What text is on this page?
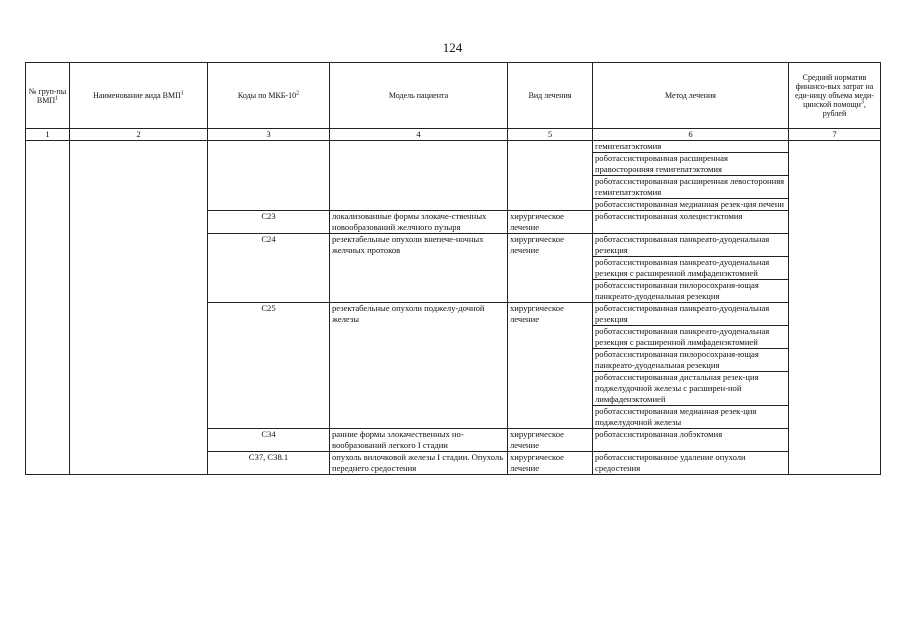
124
№ груп-пы ВМП$^1$	Наименование вида ВМП$^1$	Коды по МКБ-$10^2$	Модель пациента	Вид лечения	Метод лечения	Средний норматив финансо-вых затрат на еди-ницу объема меди-цинской помощи$^3$, рублей
1	2	3	4	5	6	7
					гемигепатэктомия	
					роботассистированная расширенная правосторонняя гемигепатэктомия	
					роботассистированная расширенная левосторонняя гемигепатэктомия	
					роботассистированная медианная резек-ция печени	
		C23	локализованные формы злокаче-ственных новообразований желчного пузыря	хирургическое лечение	роботассистированная холецистэктомия	
		C24	резектабельные опухоли внепече-ночных желчных протоков	хирургическое лечение	роботассистированная панкреато-дуоденальная резекция	
					роботассистированная панкреато-дуоденальная резекция с расширенной лимфаденэктомией	
					роботассистированная пилоросохраня-ющая панкреато-дуоденальная резекция	
		C25	резектабельные опухоли поджелу-дочной железы	хирургическое лечение	роботассистированная панкреато-дуоденальная резекция	
					роботассистированная панкреато-дуоденальная резекция с расширенной лимфаденэктомией	
					роботассистированная пилоросохраня-ющая панкреато-дуоденальная резекция	
					роботассистированная дистальная резек-ция поджелудочной железы с расширен-ной лимфаденэктомией	
					роботассистированная медианная резек-ция поджелудочной железы	
		C34	ранние формы злокачественных но-вообразований легкого I стадии	хирургическое лечение	роботассистированная лобэктомия	
		C37, C38.1	опухоль вилочковой железы I стадии. Опухоль переднего средостения	хирургическое лечение	роботассистированное удаление опухоли средостения	
